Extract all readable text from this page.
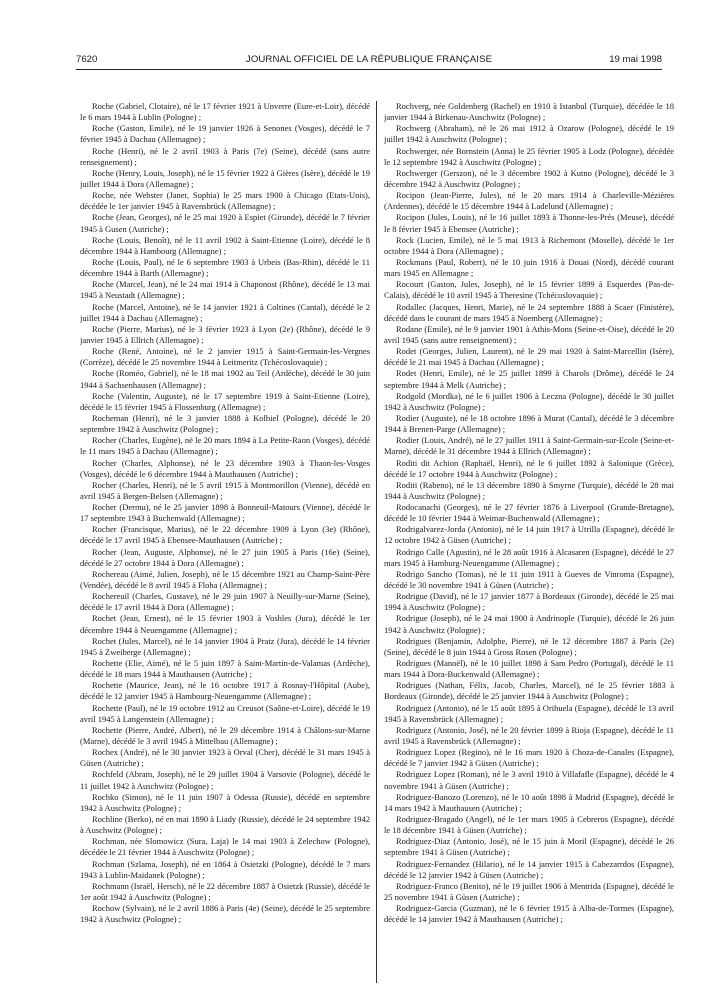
7620	JOURNAL OFFICIEL DE LA RÉPUBLIQUE FRANÇAISE	19 mai 1998

Roche (Gabriel, Clotaire), né le 17 février 1921 à Unverre (Eure-et-Loir), décédé le 6 mars 1944 à Lublin (Pologne) ;

Roche (Gaston, Emile), né le 19 janvier 1926 à Senones (Vosges), décédé le 7 février 1945 à Dachau (Allemagne) ;

Roche (Henri), né le 2 avril 1903 à Paris (7e) (Seine), décédé (sans autre renseignement) ;

Roche (Henry, Louis, Joseph), né le 15 février 1922 à Gières (Isère), décédé le 19 juillet 1944 à Dora (Allemagne) ;

Roche, née Webster (Janet, Sophia) le 25 mars 1900 à Chicago (Etats-Unis), décédée le 1er janvier 1945 à Ravensbrück (Allemagne) ;

Roche (Jean, Georges), né le 25 mai 1920 à Espiet (Gironde), décédé le 7 février 1945 à Gusen (Autriche) ;

Roche (Louis, Benoît), né le 11 avril 1902 à Saint-Etienne (Loire), décédé le 8 décembre 1944 à Hambourg (Allemagne) ;

Roche (Louis, Paul), né le 6 septembre 1903 à Urbeis (Bas-Rhin), décédé le 11 décembre 1944 à Barth (Allemagne) ;

Roche (Marcel, Jean), né le 24 mai 1914 à Chaponost (Rhône), décédé le 13 mai 1945 à Neustadt (Allemagne) ;

Roche (Marcel, Antoine), né le 14 janvier 1921 à Coltines (Cantal), décédé le 2 juillet 1944 à Dachau (Allemagne) ;

Roche (Pierre, Marius), né le 3 février 1923 à Lyon (2e) (Rhône), décédé le 9 janvier 1945 à Ellrich (Allemagne) ;

Roche (René, Antoine), né le 2 janvier 1915 à Saint-Germain-les-Vergnes (Corrèze), décédé le 25 novembre 1944 à Leitmeritz (Tchécoslovaquie) ;

Roche (Roméo, Gabriel), né le 18 mai 1902 au Teil (Ardèche), décédé le 30 juin 1944 à Sachsenhausen (Allemagne) ;

Roche (Valentin, Auguste), né le 17 septembre 1919 à Saint-Etienne (Loire), décédé le 15 février 1945 à Flossenburg (Allemagne) ;

Rocheman (Henri), né le 3 janvier 1888 à Kolbiel (Pologne), décédé le 20 septembre 1942 à Auschwitz (Pologne) ;

Rocher (Charles, Eugène), né le 20 mars 1894 à La Petite-Raon (Vosges), décédé le 11 mars 1945 à Dachau (Allemagne) ;

Rocher (Charles, Alphonse), né le 23 décembre 1903 à Thaon-les-Vosges (Vosges), décédé le 6 décembre 1944 à Mauthausen (Autriche) ;

Rocher (Charles, Henri), né le 5 avril 1915 à Montmorillon (Vienne), décédé en avril 1945 à Bergen-Belsen (Allemagne) ;

Rocher (Dermu), né le 25 janvier 1898 à Bonneuil-Matours (Vienne), décédé le 17 septembre 1943 à Buchenwald (Allemagne) ;

Rocher (Francisque, Marius), né le 22 décembre 1909 à Lyon (3e) (Rhône), décédé le 17 avril 1945 à Ebensee-Mauthausen (Autriche) ;

Rocher (Jean, Auguste, Alphonse), né le 27 juin 1905 à Paris (16e) (Seine), décédé le 27 octobre 1944 à Dora (Allemagne) ;

Rochereau (Aimé, Julien, Joseph), né le 15 décembre 1921 au Champ-Saint-Père (Vendée), décédé le 8 avril 1945 à Floha (Allemagne) ;

Rochereuil (Charles, Gustave), né le 29 juin 1907 à Neuilly-sur-Marne (Seine), décédé le 17 avril 1944 à Dora (Allemagne) ;

Rochet (Jean, Ernest), né le 15 février 1903 à Voshles (Jura), décédé le 1er décembre 1944 à Neuengamme (Allemagne) ;

Rochet (Jules, Marcel), né le 14 janvier 1904 à Pratz (Jura), décédé le 14 février 1945 à Zweiberge (Allemagne) ;

Rochette (Elie, Aimé), né le 5 juin 1897 à Saint-Martin-de-Valamas (Ardèche), décédé le 18 mars 1944 à Mauthausen (Autriche) ;

Rochette (Maurice, Jean), né le 16 octobre 1917 à Rosnay-l'Hôpital (Aube), décédé le 12 janvier 1945 à Hambourg-Neuengamme (Allemagne) ;

Rochette (Paul), né le 19 octobre 1912 au Creusot (Saône-et-Loire), décédé le 19 avril 1945 à Langenstein (Allemagne) ;

Rochette (Pierre, André, Albert), né le 29 décembre 1914 à Châlons-sur-Marne (Marne), décédé le 3 avril 1945 à Mittelbau (Allemagne) ;

Rochex (André), né le 30 janvier 1923 à Orval (Cher), décédé le 31 mars 1945 à Güsen (Autriche) ;

Rochfeld (Abram, Joseph), né le 29 juillet 1904 à Varsovie (Pologne), décédé le 11 juillet 1942 à Auschwitz (Pologne) ;

Rochko (Simon), né le 11 juin 1907 à Odessa (Russie), décédé en septembre 1942 à Auschwitz (Pologne) ;

Rochline (Berko), né en mai 1890 à Liady (Russie), décédé le 24 septembre 1942 à Auschwitz (Pologne) ;

Rochman, née Slomowicz (Sura, Laja) le 14 mai 1903 à Zelechow (Pologne), décédée le 21 février 1944 à Auschwitz (Pologne) ;

Rochman (Szlama, Joseph), né en 1864 à Osietzki (Pologne), décédé le 7 mars 1943 à Lublin-Maidanek (Pologne) ;

Rochmann (Israël, Hersch), né le 22 décembre 1887 à Osietzk (Russie), décédé le 1er août 1942 à Auschwitz (Pologne) ;

Rochow (Sylvain), né le 2 avril 1886 à Paris (4e) (Seine), décédé le 25 septembre 1942 à Auschwitz (Pologne) ;

Rochverg, née Goldenberg (Rachel) en 1910 à Istanbul (Turquie), décédée le 18 janvier 1944 à Birkenau-Auschwitz (Pologne) ;

Rochwerg (Abraham), né le 26 mai 1912 à Ozarow (Pologne), décédé le 19 juillet 1942 à Auschwitz (Pologne) ;

Rochwerger, née Bornstein (Anna) le 25 février 1905 à Lodz (Pologne), décédée le 12 septembre 1942 à Auschwitz (Pologne) ;

Rochwerger (Gerszon), né le 3 décembre 1902 à Kutno (Pologne), décédé le 3 décembre 1942 à Auschwitz (Pologne) ;

Rocipon (Jean-Pierre, Jules), né le 20 mars 1914 à Charleville-Mézières (Ardennes), décédé le 15 décembre 1944 à Ladelund (Allemagne) ;

Rocipon (Jules, Louis), né le 16 juillet 1893 à Thonne-les-Prés (Meuse), décédé le 8 février 1945 à Ebensee (Autriche) ;

Rock (Lucien, Emile), né le 5 mai 1913 à Richemont (Moselle), décédé le 1er octobre 1944 à Dora (Allemagne) ;

Rockmans (Paul, Robert), né le 10 juin 1916 à Douai (Nord), décédé courant mars 1945 en Allemagne ;

Rocourt (Gaston, Jules, Joseph), né le 15 février 1899 à Esquerdes (Pas-de-Calais), décédé le 10 avril 1945 à Theresine (Tchécoslovaquie) ;

Rodallec (Jacques, Henri, Marie), né le 24 septembre 1888 à Scaer (Finistère), décédé dans le courant de mars 1945 à Noemberg (Allemagne) ;

Rodane (Emile), né le 9 janvier 1901 à Athis-Mons (Seine-et-Oise), décédé le 20 avril 1945 (sans autre renseignement) ;

Rodet (Georges, Julien, Laurent), né le 29 mai 1920 à Saint-Marcellin (Isère), décédé le 21 mai 1945 à Dachau (Allemagne) ;

Rodet (Henri, Emile), né le 25 juillet 1899 à Charols (Drôme), décédé le 24 septembre 1944 à Melk (Autriche) ;

Rodgold (Mordka), né le 6 juillet 1906 à Leczna (Pologne), décédé le 30 juillet 1942 à Auschwitz (Pologne) ;

Rodier (Auguste), né le 18 octobre 1896 à Murat (Cantal), décédé le 3 décembre 1944 à Brenen-Parge (Allemagne) ;

Rodier (Louis, André), né le 27 juillet 1911 à Saint-Germain-sur-Ecole (Seine-et-Marne), décédé le 31 décembre 1944 à Ellrich (Allemagne) ;

Roditi dit Achion (Raphaël, Henri), né le 6 juillet 1892 à Salonique (Grèce), décédé le 17 octobre 1944 à Auschwitz (Pologne) ;

Roditi (Rabeno), né le 13 décembre 1890 à Smyrne (Turquie), décédé le 28 mai 1944 à Auschwitz (Pologne) ;

Rodocanachi (Georges), né le 27 février 1876 à Liverpool (Grande-Bretagne), décédé le 10 février 1944 à Weimar-Buchenwald (Allemagne) ;

Rodrigalvarez-Jorda (Antonio), né le 14 juin 1917 à Utrilla (Espagne), décédé le 12 octobre 1942 à Güsen (Autriche) ;

Rodrigo Calle (Agustin), né le 28 août 1916 à Alcasaren (Espagne), décédé le 27 mars 1945 à Hamburg-Neuengamme (Allemagne) ;

Rodrigo Sancho (Tomas), né le 11 juin 1911 à Gueves de Vinroma (Espagne), décédé le 30 novembre 1941 à Güsen (Autriche) ;

Rodrigue (David), né le 17 janvier 1877 à Bordeaux (Gironde), décédé le 25 mai 1994 à Auschwitz (Pologne) ;

Rodrigue (Joseph), né le 24 mai 1900 à Andrinople (Turquie), décédé le 26 juin 1942 à Auschwitz (Pologne) ;

Rodrigues (Benjamin, Adolphe, Pierre), né le 12 décembre 1887 à Paris (2e) (Seine), décédé le 8 juin 1944 à Gross Rosen (Pologne) ;

Rodrigues (Manoël), né le 10 juillet 1898 à Sam Pedro (Portugal), décédé le 11 mars 1944 à Dora-Buckenwald (Allemagne) ;

Rodrigues (Nathan, Félix, Jacob, Charles, Marcel), né le 25 février 1883 à Bordeaux (Gironde), décédé le 25 janvier 1944 à Auschwitz (Pologne) ;

Rodriguez (Antonio), né le 15 août 1895 à Orihuela (Espagne), décédé le 13 avril 1945 à Ravensbrück (Allemagne) ;

Rodriguez (Antonio, José), né le 20 février 1899 à Rioja (Espagne), décédé le 11 avril 1945 à Ravensbrück (Allemagne) ;

Rodriguez Lopez (Regino), né le 16 mars 1920 à Choza-de-Canales (Espagne), décédé le 7 janvier 1942 à Güsen (Autriche) ;

Rodriguez Lopez (Roman), né le 3 avril 1910 à Villafafle (Espagne), décédé le 4 novembre 1941 à Güsen (Autriche) ;

Rodriguez-Banozo (Lorenzo), né le 10 août 1898 à Madrid (Espagne), décédé le 14 mars 1942 à Mauthausen (Autriche) ;

Rodriguez-Bragado (Angel), né le 1er mars 1905 à Cebreros (Espagne), décédé le 18 décembre 1941 à Güsen (Autriche) ;

Rodriguez-Diaz (Antonio, José), né le 15 juin à Moril (Espagne), décédé le 26 septembre 1941 à Güsen (Autriche) ;

Rodriguez-Fernandez (Hilario), né le 14 janvier 1915 à Cabezarrdos (Espagne), décédé le 12 janvier 1942 à Güsen (Autriche) ;

Rodriguez-Franco (Benito), né le 19 juillet 1906 à Mentrida (Espagne), décédé le 25 novembre 1941 à Güsen (Autriche) ;

Rodriguez-Garcia (Guzman), né le 6 février 1915 à Alba-de-Tormes (Espagne), décédé le 14 janvier 1942 à Mauthausen (Autriche) ;
